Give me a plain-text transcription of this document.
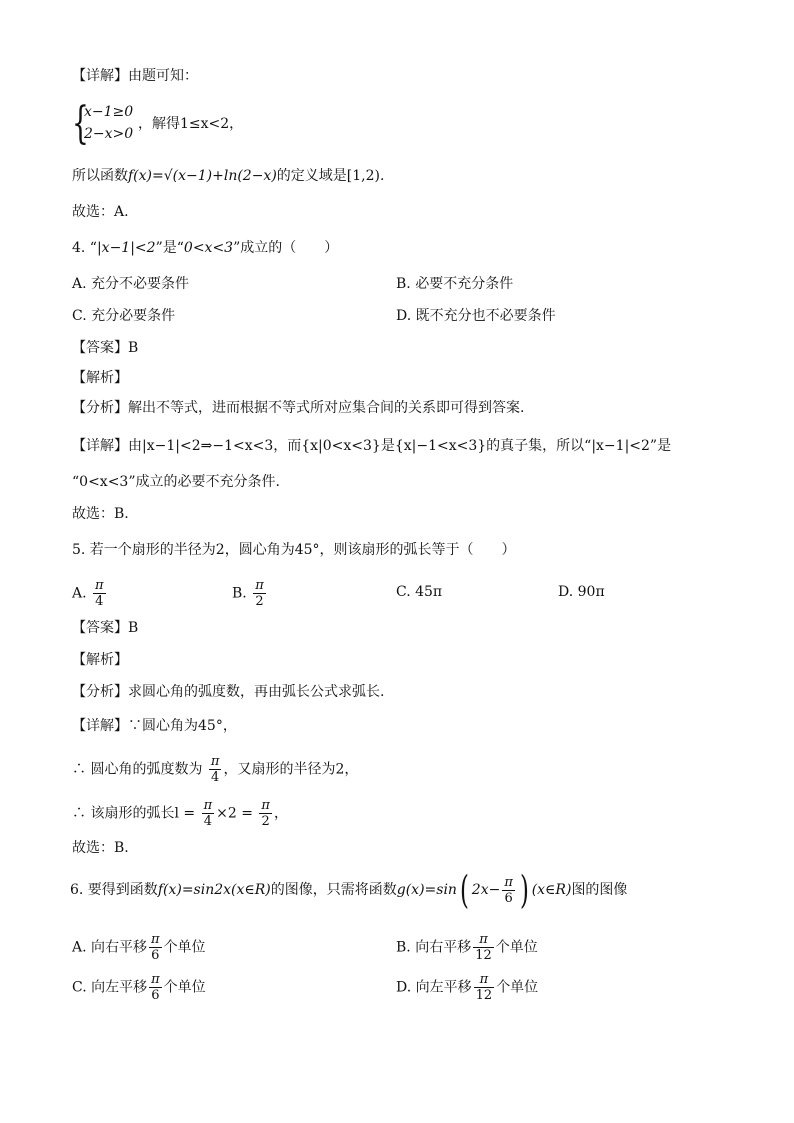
【详解】由题可知：
{
x−1≥0
2−x>0
，解得1≤x<2，
所以函数f(x)=√(x−1)+ln(2−x)的定义域是[1,2).
故选：A.
4. “|x−1|<2”是“0<x<3”成立的（　　）
A. 充分不必要条件	B. 必要不充分条件
C. 充分必要条件	D. 既不充分也不必要条件
【答案】B
【解析】
【分析】解出不等式，进而根据不等式所对应集合间的关系即可得到答案.
【详解】由|x−1|<2⇒−1<x<3，而{x|0<x<3}是{x|−1<x<3}的真子集，所以“|x−1|<2”是
“0<x<3”成立的必要不充分条件.
故选：B.
5. 若一个扇形的半径为2，圆心角为45°，则该扇形的弧长等于（　　）
A. $\frac{\pi}{4}$	B. $\frac{\pi}{2}$	C. 45π	D. 90π
【答案】B
【解析】
【分析】求圆心角的弧度数，再由弧长公式求弧长.
【详解】∵圆心角为45°，
∴ 圆心角的弧度数为 $\frac{\pi}{4}$ ，又扇形的半径为2，
∴ 该扇形的弧长$l = \frac{\pi}{4} \times 2 = \frac{\pi}{2}$ ，
故选：B.
6. 要得到函数f(x)=sin2x(x∈R)的图像，只需将函数g(x)=sin( $2x- \frac{\pi}{6}$ ) (x∈R)图的图像
A. 向右平移 $\frac{\pi}{6}$ 个单位	B. 向右平移 $\frac{\pi}{12}$ 个单位
C. 向左平移 $\frac{\pi}{6}$ 个单位	D. 向左平移 $\frac{\pi}{12}$ 个单位
